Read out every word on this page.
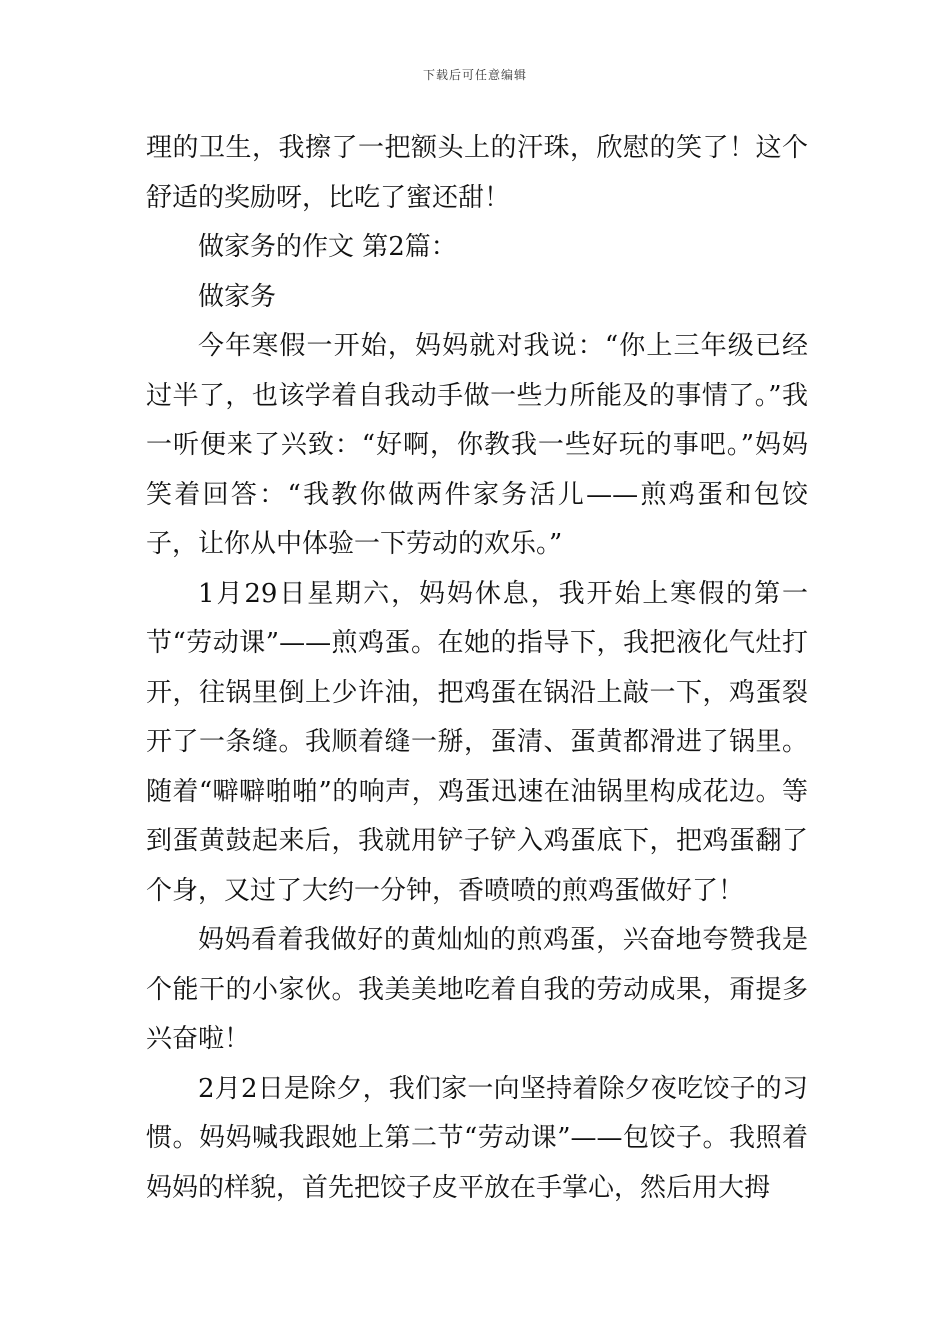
下载后可任意编辑

理的卫生，我擦了一把额头上的汗珠，欣慰的笑了！这个舒适的奖励呀，比吃了蜜还甜！

做家务的作文 第2篇：

做家务

今年寒假一开始，妈妈就对我说：“你上三年级已经过半了，也该学着自我动手做一些力所能及的事情了。”我一听便来了兴致：“好啊，你教我一些好玩的事吧。”妈妈笑着回答：“我教你做两件家务活儿——煎鸡蛋和包饺子，让你从中体验一下劳动的欢乐。”

1月29日星期六，妈妈休息，我开始上寒假的第一节“劳动课”——煎鸡蛋。在她的指导下，我把液化气灶打开，往锅里倒上少许油，把鸡蛋在锅沿上敲一下，鸡蛋裂开了一条缝。我顺着缝一掰，蛋清、蛋黄都滑进了锅里。随着“噼噼啪啪”的响声，鸡蛋迅速在油锅里构成花边。等到蛋黄鼓起来后，我就用铲子铲入鸡蛋底下，把鸡蛋翻了个身，又过了大约一分钟，香喷喷的煎鸡蛋做好了！

妈妈看着我做好的黄灿灿的煎鸡蛋，兴奋地夸赞我是个能干的小家伙。我美美地吃着自我的劳动成果，甭提多兴奋啦！

2月2日是除夕，我们家一向坚持着除夕夜吃饺子的习惯。妈妈喊我跟她上第二节“劳动课”——包饺子。我照着妈妈的样貌，首先把饺子皮平放在手掌心，然后用大拇
